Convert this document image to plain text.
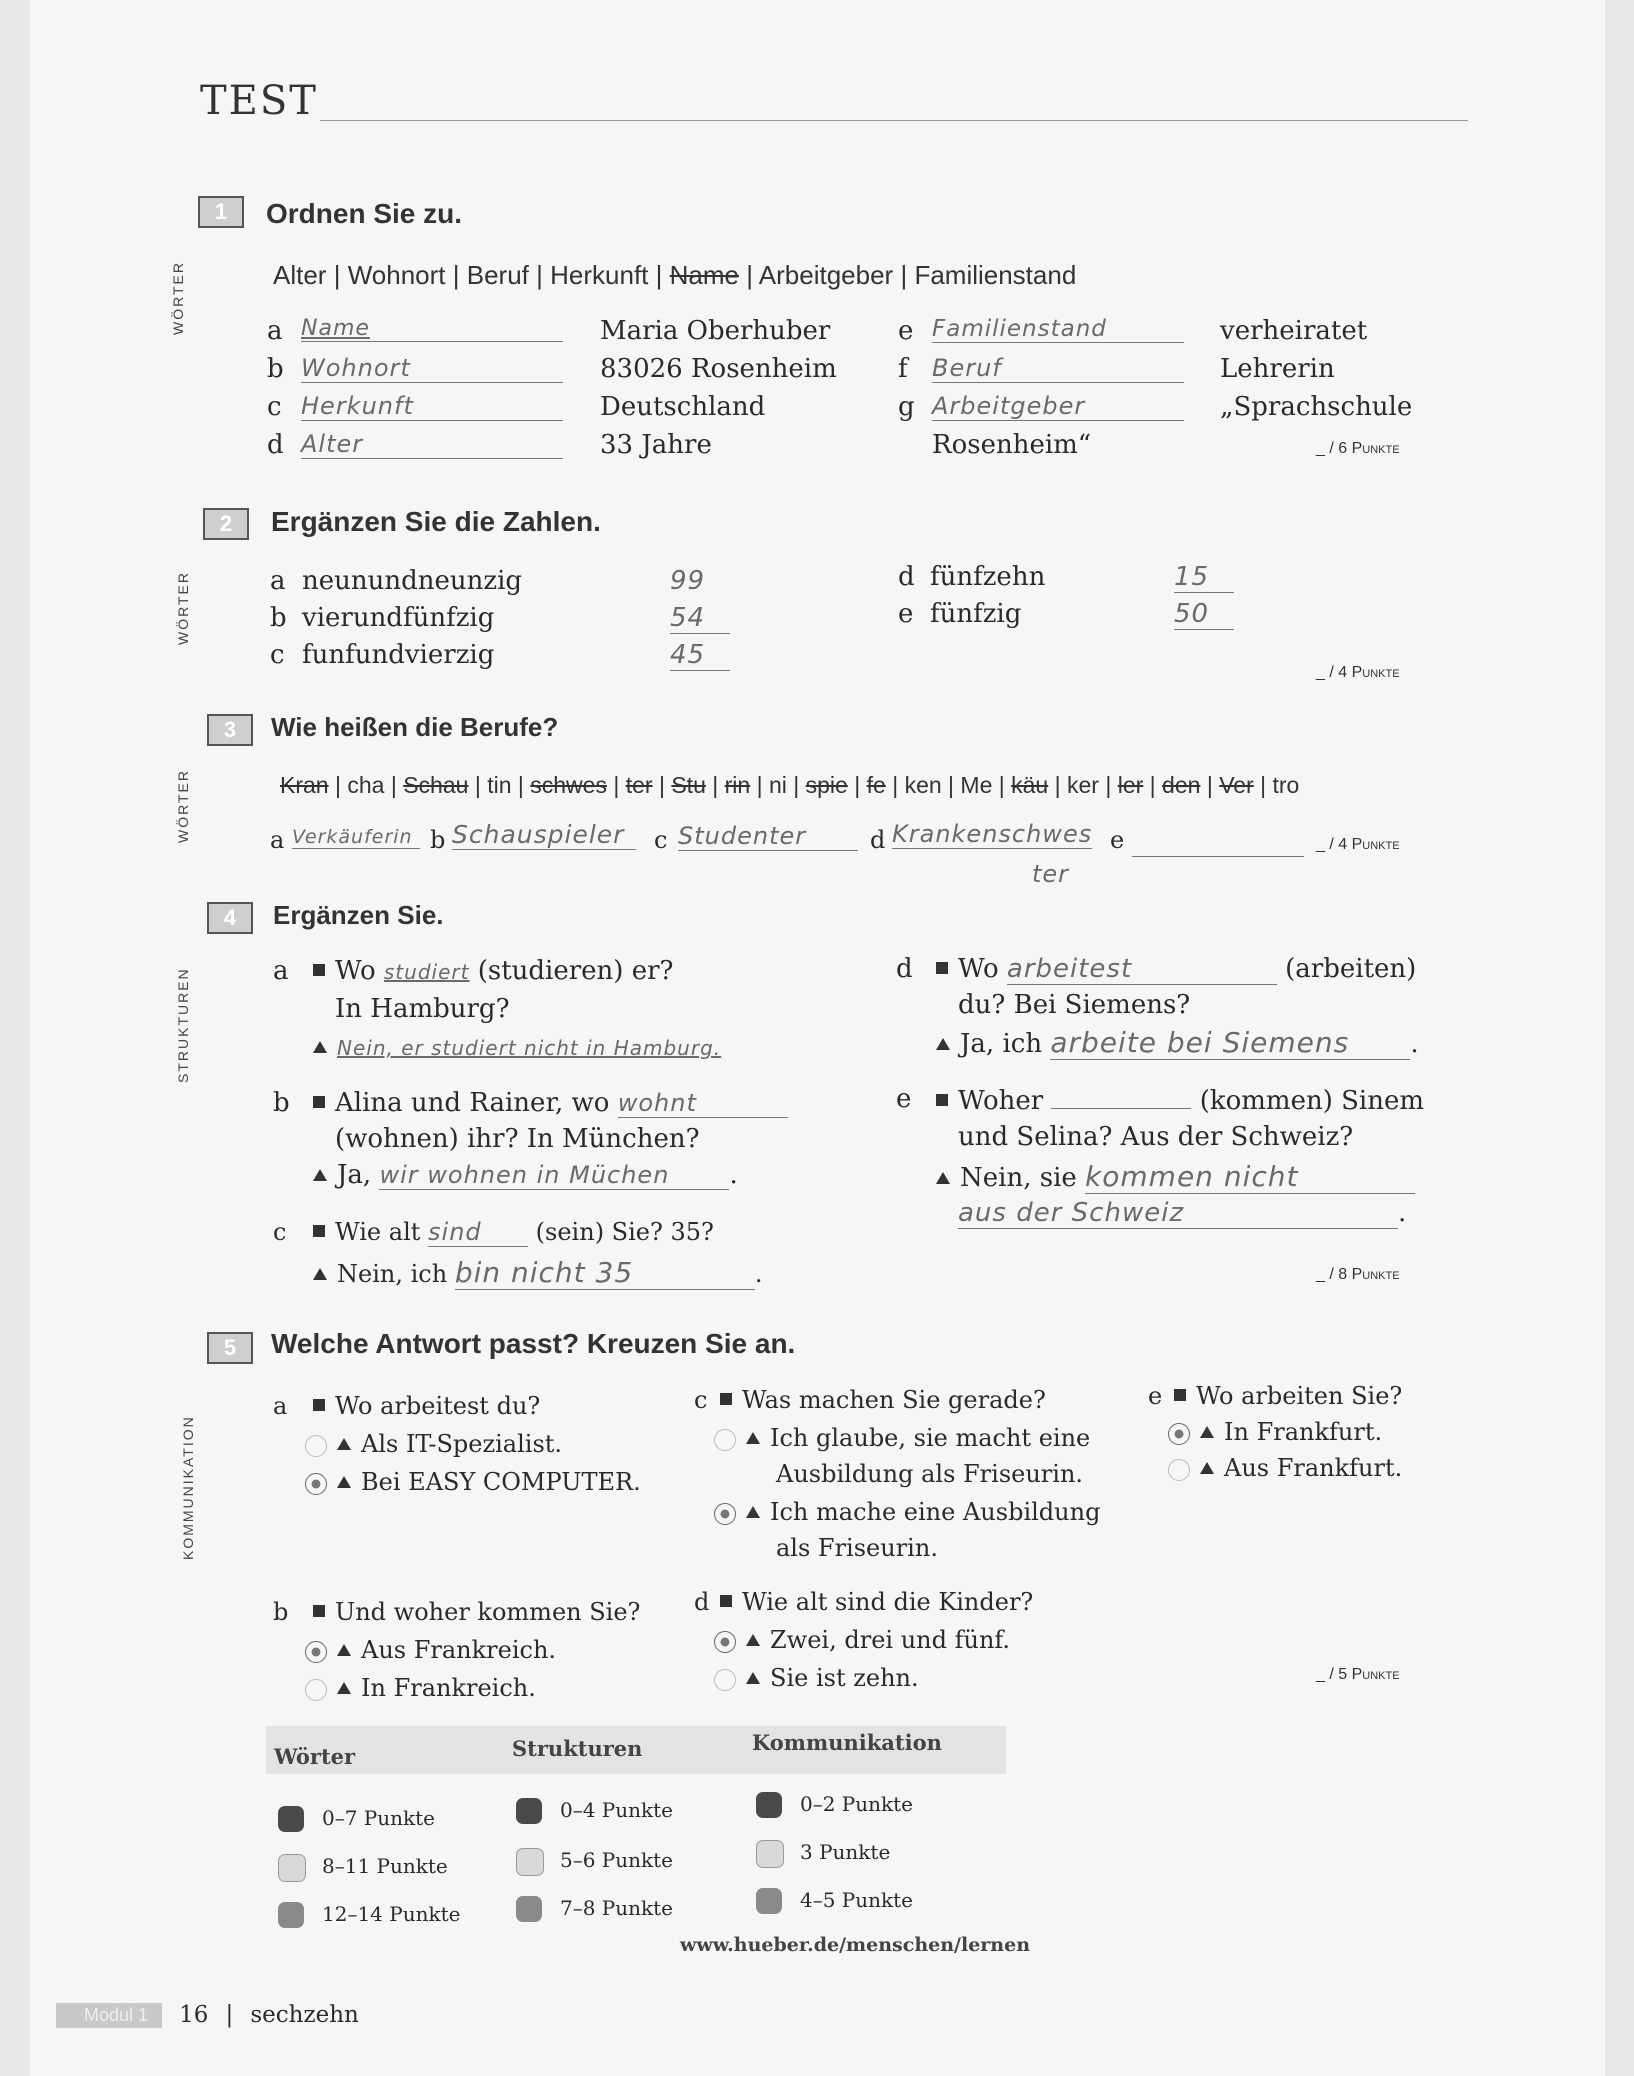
TEST
WÖRTER
WÖRTER
WÖRTER
STRUKTUREN
KOMMUNIKATION
1	Ordnen Sie zu.
Alter | Wohnort | Beruf | Herkunft | Name | Arbeitgeber | Familienstand
a Name	Maria Oberhuber
b Wohnort	83026 Rosenheim
c Herkunft	Deutschland
d Alter	33 Jahre
e Familienstand	verheiratet
f Beruf	Lehrerin
g Arbeitgeber	„Sprachschule
Rosenheim“	_ / 6 Punkte
2	Ergänzen Sie die Zahlen.
a neunundneunzig	99
b vierundfünfzig	54
c funfundvierzig	45
d fünfzehn	15
e fünfzig	50
_ / 4 Punkte
3	Wie heißen die Berufe?
Kran | cha | Schau | tin | schwes | ter | Stu | rin | ni | spie | fe | ken | Me | käu | ker | ler | den | Ver | tro
a Verkäuferin b Schauspieler	c Studenter	d Krankenschwes
ter
e	_ / 4 Punkte
4	Ergänzen Sie.
a	Wo studiert (studieren) er?
In Hamburg?
Nein, er studiert nicht in Hamburg.
b	Alina und Rainer, wo wohnt
(wohnen) ihr? In München?
Ja, wir wohnen in Müchen .
c	Wie alt sind (sein) Sie? 35?
Nein, ich bin nicht 35	.
d	Wo arbeitest	(arbeiten)
du? Bei Siemens?
Ja, ich arbeite bei Siemens .
e	Woher	(kommen) Sinem
und Selina? Aus der Schweiz?
Nein, sie kommen nicht
aus der Schweiz	.
_ / 8 Punkte
5	Welche Antwort passt? Kreuzen Sie an.
a	Wo arbeitest du?
Als IT-Spezialist.
Bei EASY COMPUTER.
b	Und woher kommen Sie?
Aus Frankreich.
In Frankreich.
c	Was machen Sie gerade?
Ich glaube, sie macht eine
Ausbildung als Friseurin.
Ich mache eine Ausbildung
als Friseurin.
d	Wie alt sind die Kinder?
Zwei, drei und fünf.
Sie ist zehn.
e	Wo arbeiten Sie?
In Frankfurt.
Aus Frankfurt.
_ / 5 Punkte
Wörter
0–7 Punkte
8–11 Punkte
12–14 Punkte
Strukturen
0–4 Punkte
5–6 Punkte
7–8 Punkte
Kommunikation
0–2 Punkte
3 Punkte
4–5 Punkte
www.hueber.de/menschen/lernen
Modul 1 16 | sechzehn
